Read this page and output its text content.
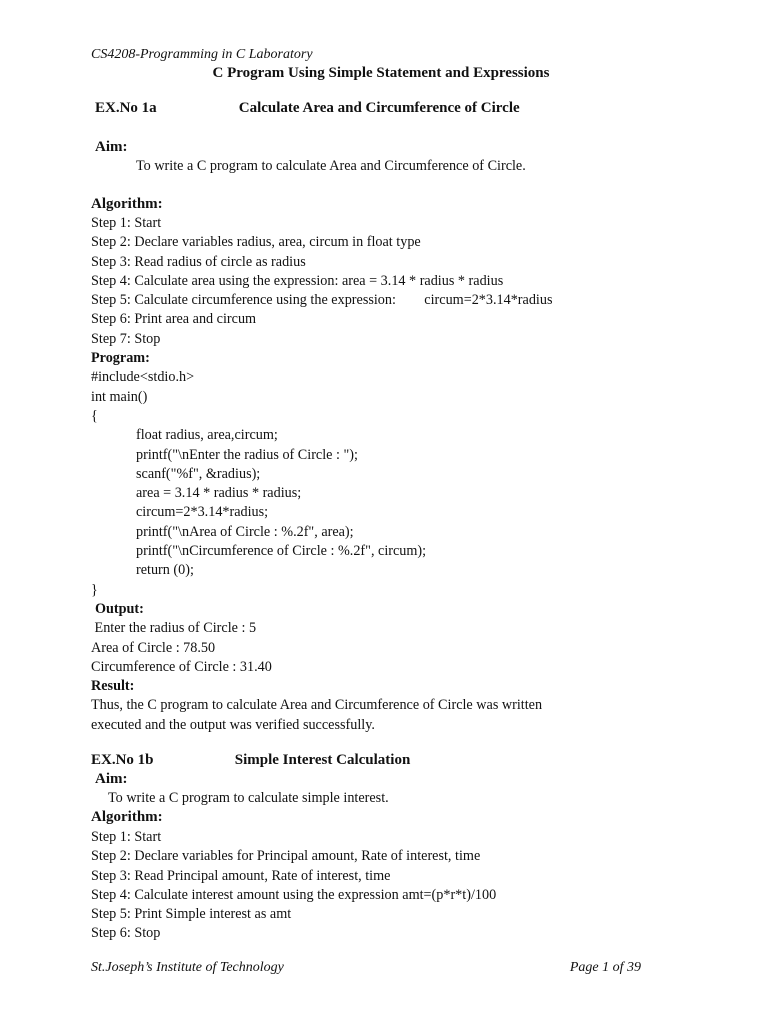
CS4208-Programming in C Laboratory
C Program Using Simple Statement and Expressions
EX.No 1a	Calculate Area and Circumference of Circle
Aim:
To write a C program to calculate Area and Circumference of Circle.
Algorithm:
Step 1: Start
Step 2: Declare variables radius, area, circum in float type
Step 3: Read radius of circle as radius
Step 4: Calculate area using the expression: area = 3.14 * radius * radius
Step 5: Calculate circumference using the expression:        circum=2*3.14*radius
Step 6: Print area and circum
Step 7: Stop
Program:
#include<stdio.h>
int main()
{
float radius, area,circum;
printf("\nEnter the radius of Circle : ");
scanf("%f", &radius);
area = 3.14 * radius * radius;
circum=2*3.14*radius;
printf("\nArea of Circle : %.2f", area);
printf("\nCircumference of Circle : %.2f", circum);
return (0);
}
Output:
Enter the radius of Circle : 5
Area of Circle : 78.50
Circumference of Circle : 31.40
Result:
Thus, the C program to calculate Area and Circumference of Circle was written
executed and the output was verified successfully.
EX.No 1b	Simple Interest Calculation
Aim:
To write a C program to calculate simple interest.
Algorithm:
Step 1: Start
Step 2: Declare variables for Principal amount, Rate of interest, time
Step 3: Read Principal amount, Rate of interest, time
Step 4: Calculate interest amount using the expression amt=(p*r*t)/100
Step 5: Print Simple interest as amt
Step 6: Stop
St.Joseph’s Institute of Technology	Page 1 of 39
